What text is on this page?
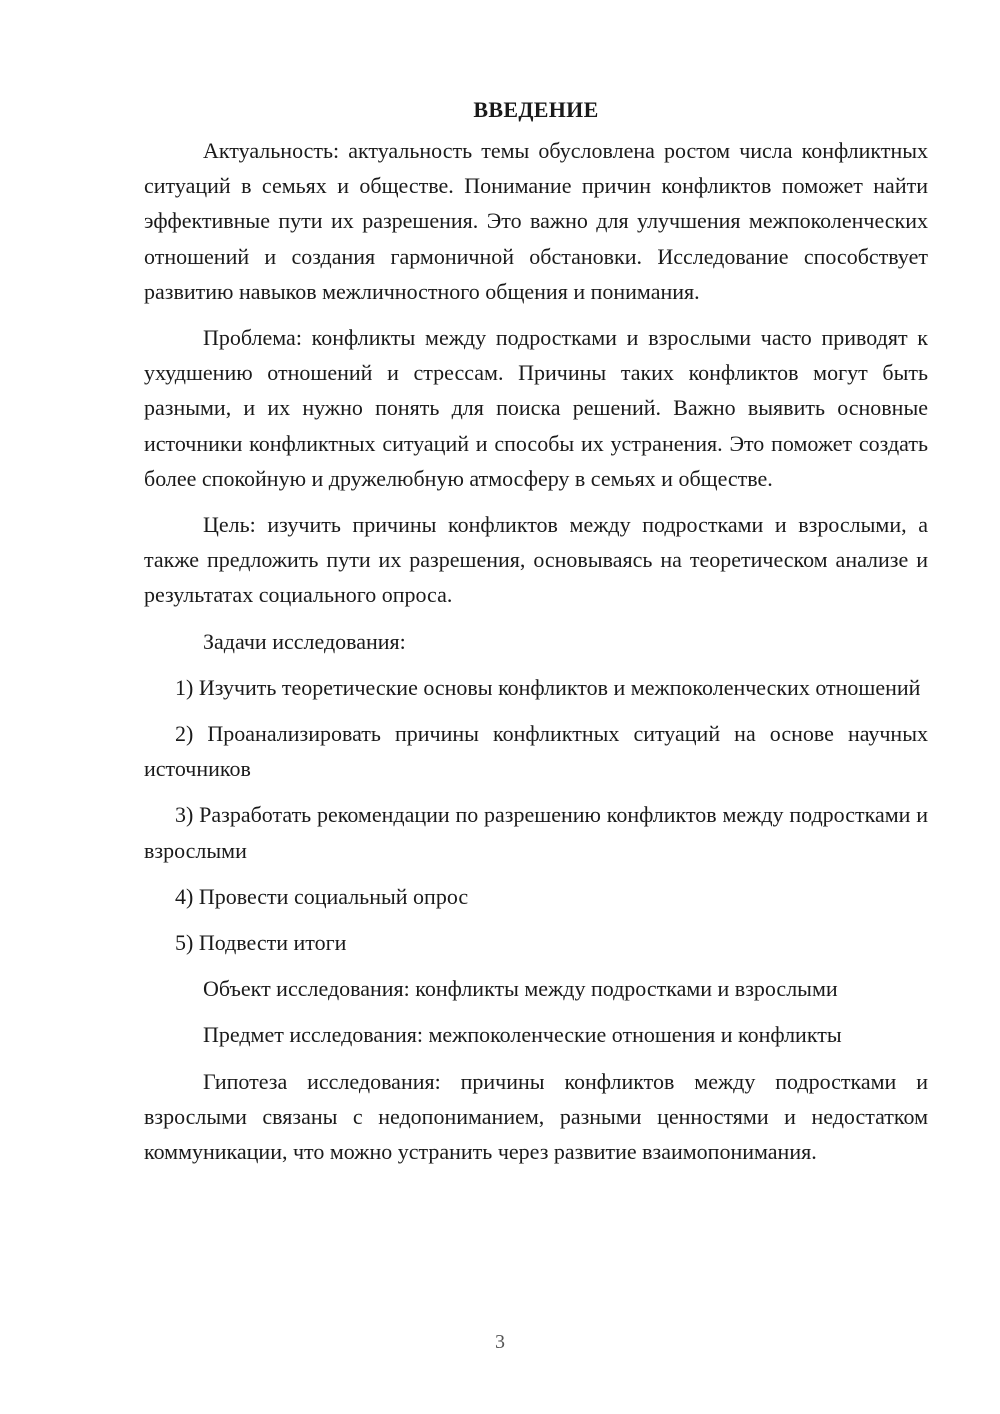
ВВЕДЕНИЕ

Актуальность: актуальность темы обусловлена ростом числа конфликтных ситуаций в семьях и обществе. Понимание причин конфликтов поможет найти эффективные пути их разрешения. Это важно для улучшения межпоколенческих отношений и создания гармоничной обстановки. Исследование способствует развитию навыков межличностного общения и понимания.

Проблема: конфликты между подростками и взрослыми часто приводят к ухудшению отношений и стрессам. Причины таких конфликтов могут быть разными, и их нужно понять для поиска решений. Важно выявить основные источники конфликтных ситуаций и способы их устранения. Это поможет создать более спокойную и дружелюбную атмосферу в семьях и обществе.

Цель: изучить причины конфликтов между подростками и взрослыми, а также предложить пути их разрешения, основываясь на теоретическом анализе и результатах социального опроса.

Задачи исследования:

1) Изучить теоретические основы конфликтов и межпоколенческих отношений

2) Проанализировать причины конфликтных ситуаций на основе научных источников

3) Разработать рекомендации по разрешению конфликтов между подростками и взрослыми

4) Провести социальный опрос

5) Подвести итоги

Объект исследования: конфликты между подростками и взрослыми

Предмет исследования: межпоколенческие отношения и конфликты

Гипотеза исследования: причины конфликтов между подростками и взрослыми связаны с недопониманием, разными ценностями и недостатком коммуникации, что можно устранить через развитие взаимопонимания.

3
